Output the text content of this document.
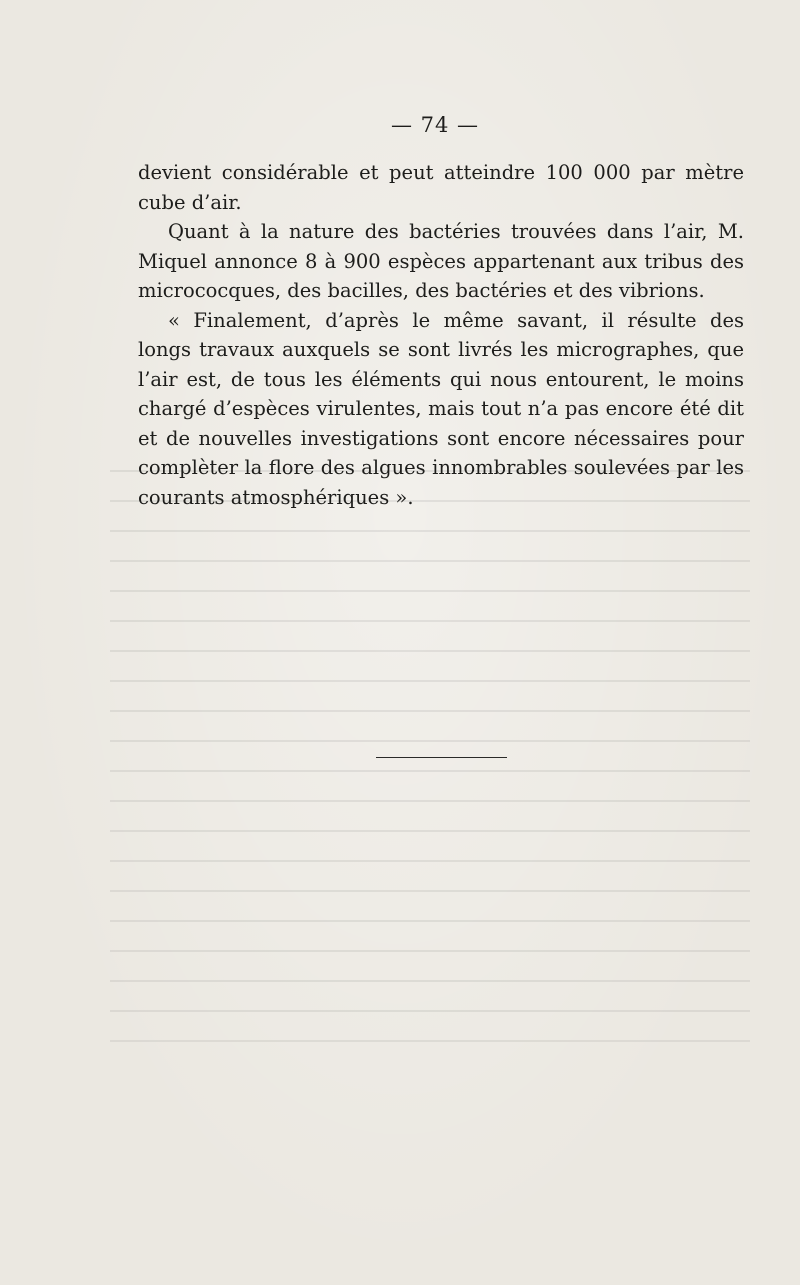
— 74 —

devient considérable et peut atteindre 100 000 par mètre cube d’air.

Quant à la nature des bactéries trouvées dans l’air, M. Miquel annonce 8 à 900 espèces appartenant aux tribus des micrococques, des bacilles, des bactéries et des vibrions.

« Finalement, d’après le même savant, il résulte des longs travaux auxquels se sont livrés les micrographes, que l’air est, de tous les éléments qui nous entourent, le moins chargé d’espèces virulentes, mais tout n’a pas encore été dit et de nouvelles investigations sont encore nécessaires pour complèter la flore des algues innombrables soulevées par les courants atmosphériques ».
